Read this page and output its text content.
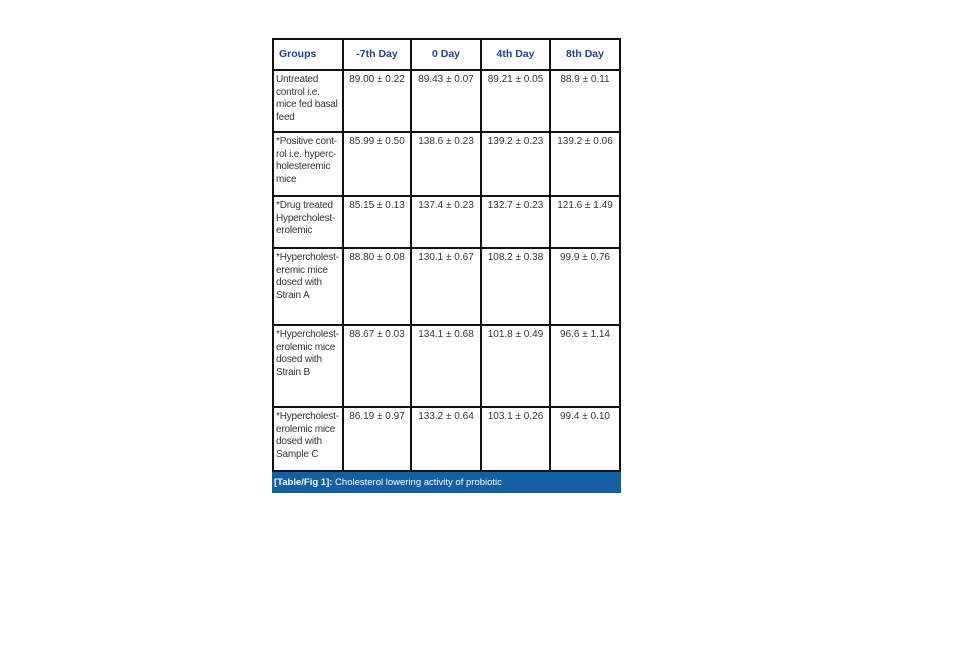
Groups	-7th Day	0 Day	4th Day	8th Day
Untreated control i.e. mice fed basal feed	89.00 ± 0.22	89.43 ± 0.07	89.21 ± 0.05	88.9 ± 0.11
*Positive cont-rol i.e. hyperc-holesteremic mice	85.99 ± 0.50	138.6 ± 0.23	139.2 ± 0.23	139.2 ± 0.06
*Drug treated Hypercholest-erolemic	85.15 ± 0.13	137.4 ± 0.23	132.7 ± 0.23	121.6 ± 1.49
*Hypercholest-eremic mice dosed with Strain A	88.80 ± 0.08	130.1 ± 0.67	108.2 ± 0.38	99.9 ± 0.76
*Hypercholest-erolemic mice dosed with Strain B	88.67 ± 0.03	134.1 ± 0.68	101.8 ± 0.49	96.6 ± 1.14
*Hypercholest-erolemic mice dosed with Sample C	86.19 ± 0.97	133.2 ± 0.64	103.1 ± 0.26	99.4 ± 0.10
[Table/Fig 1]: Cholesterol lowering activity of probiotic
